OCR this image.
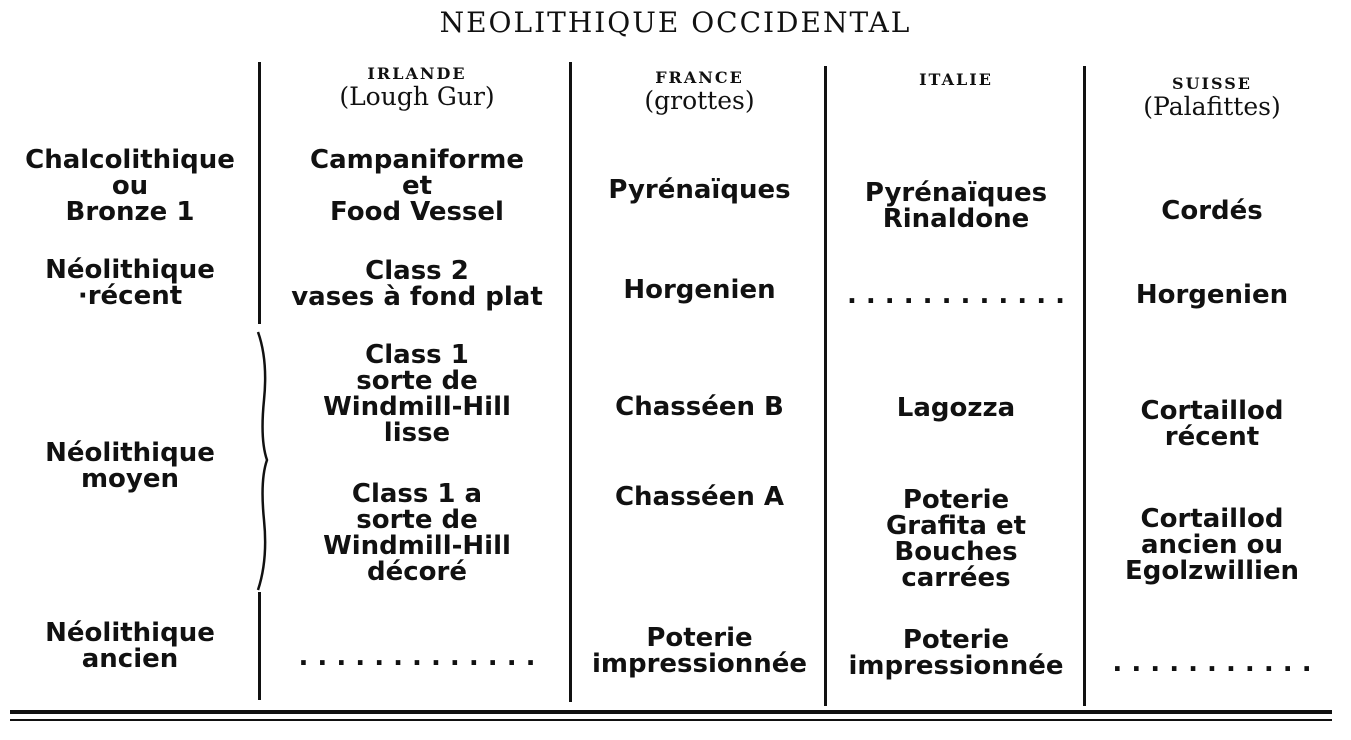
NEOLITHIQUE OCCIDENTAL
IRLANDE
(Lough Gur)
FRANCE
(grottes)
ITALIE	SUISSE
(Palafittes)
Chalcolithique
ou
Bronze 1
Néolithique
·récent
Néolithique
moyen
Néolithique
ancien
Campaniforme
et
Food Vessel
Class 2
vases à fond plat
Class 1
sorte de
Windmill-Hill
lisse
Class 1 a
sorte de
Windmill-Hill
décoré
. . . . . . . . . . . . .
Pyrénaïques
Horgenien
Chasséen B
Chasséen A
Poterie
impressionnée
Pyrénaïques
Rinaldone
. . . . . . . . . . . .
Lagozza
Poterie
Grafita et
Bouches
carrées
Poterie
impressionnée
Cordés
Horgenien
Cortaillod
récent
Cortaillod
ancien ou
Egolzwillien
. . . . . . . . . . .
